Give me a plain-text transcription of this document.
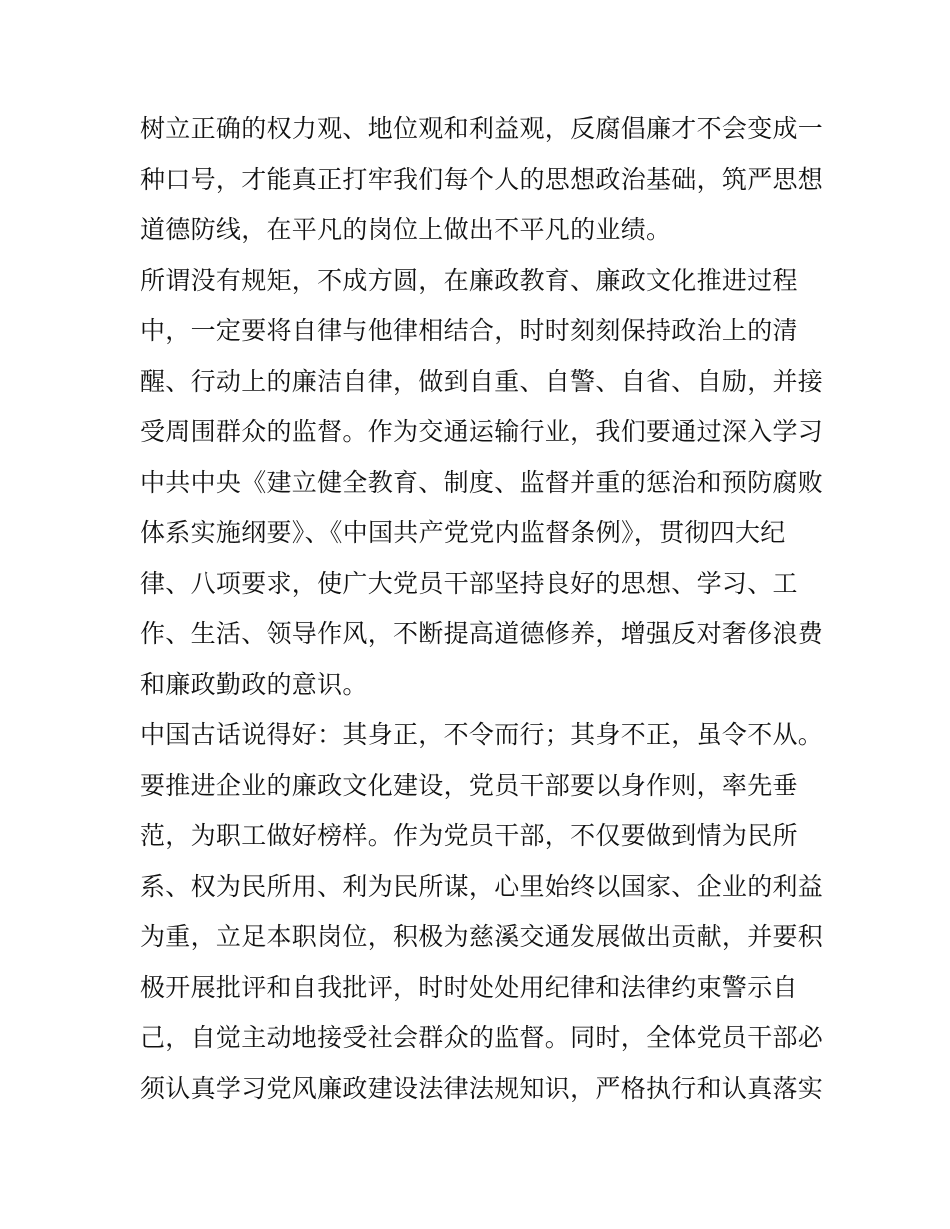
树立正确的权力观、地位观和利益观，反腐倡廉才不会变成一
种口号，才能真正打牢我们每个人的思想政治基础，筑严思想
道德防线，在平凡的岗位上做出不平凡的业绩。
所谓没有规矩，不成方圆，在廉政教育、廉政文化推进过程
中，一定要将自律与他律相结合，时时刻刻保持政治上的清
醒、行动上的廉洁自律，做到自重、自警、自省、自励，并接
受周围群众的监督。作为交通运输行业，我们要通过深入学习
中共中央《建立健全教育、制度、监督并重的惩治和预防腐败
体系实施纲要》、《中国共产党党内监督条例》，贯彻四大纪
律、八项要求，使广大党员干部坚持良好的思想、学习、工
作、生活、领导作风，不断提高道德修养，增强反对奢侈浪费
和廉政勤政的意识。
中国古话说得好：其身正，不令而行；其身不正，虽令不从。
要推进企业的廉政文化建设，党员干部要以身作则，率先垂
范，为职工做好榜样。作为党员干部，不仅要做到情为民所
系、权为民所用、利为民所谋，心里始终以国家、企业的利益
为重，立足本职岗位，积极为慈溪交通发展做出贡献，并要积
极开展批评和自我批评，时时处处用纪律和法律约束警示自
己，自觉主动地接受社会群众的监督。同时，全体党员干部必
须认真学习党风廉政建设法律法规知识，严格执行和认真落实
